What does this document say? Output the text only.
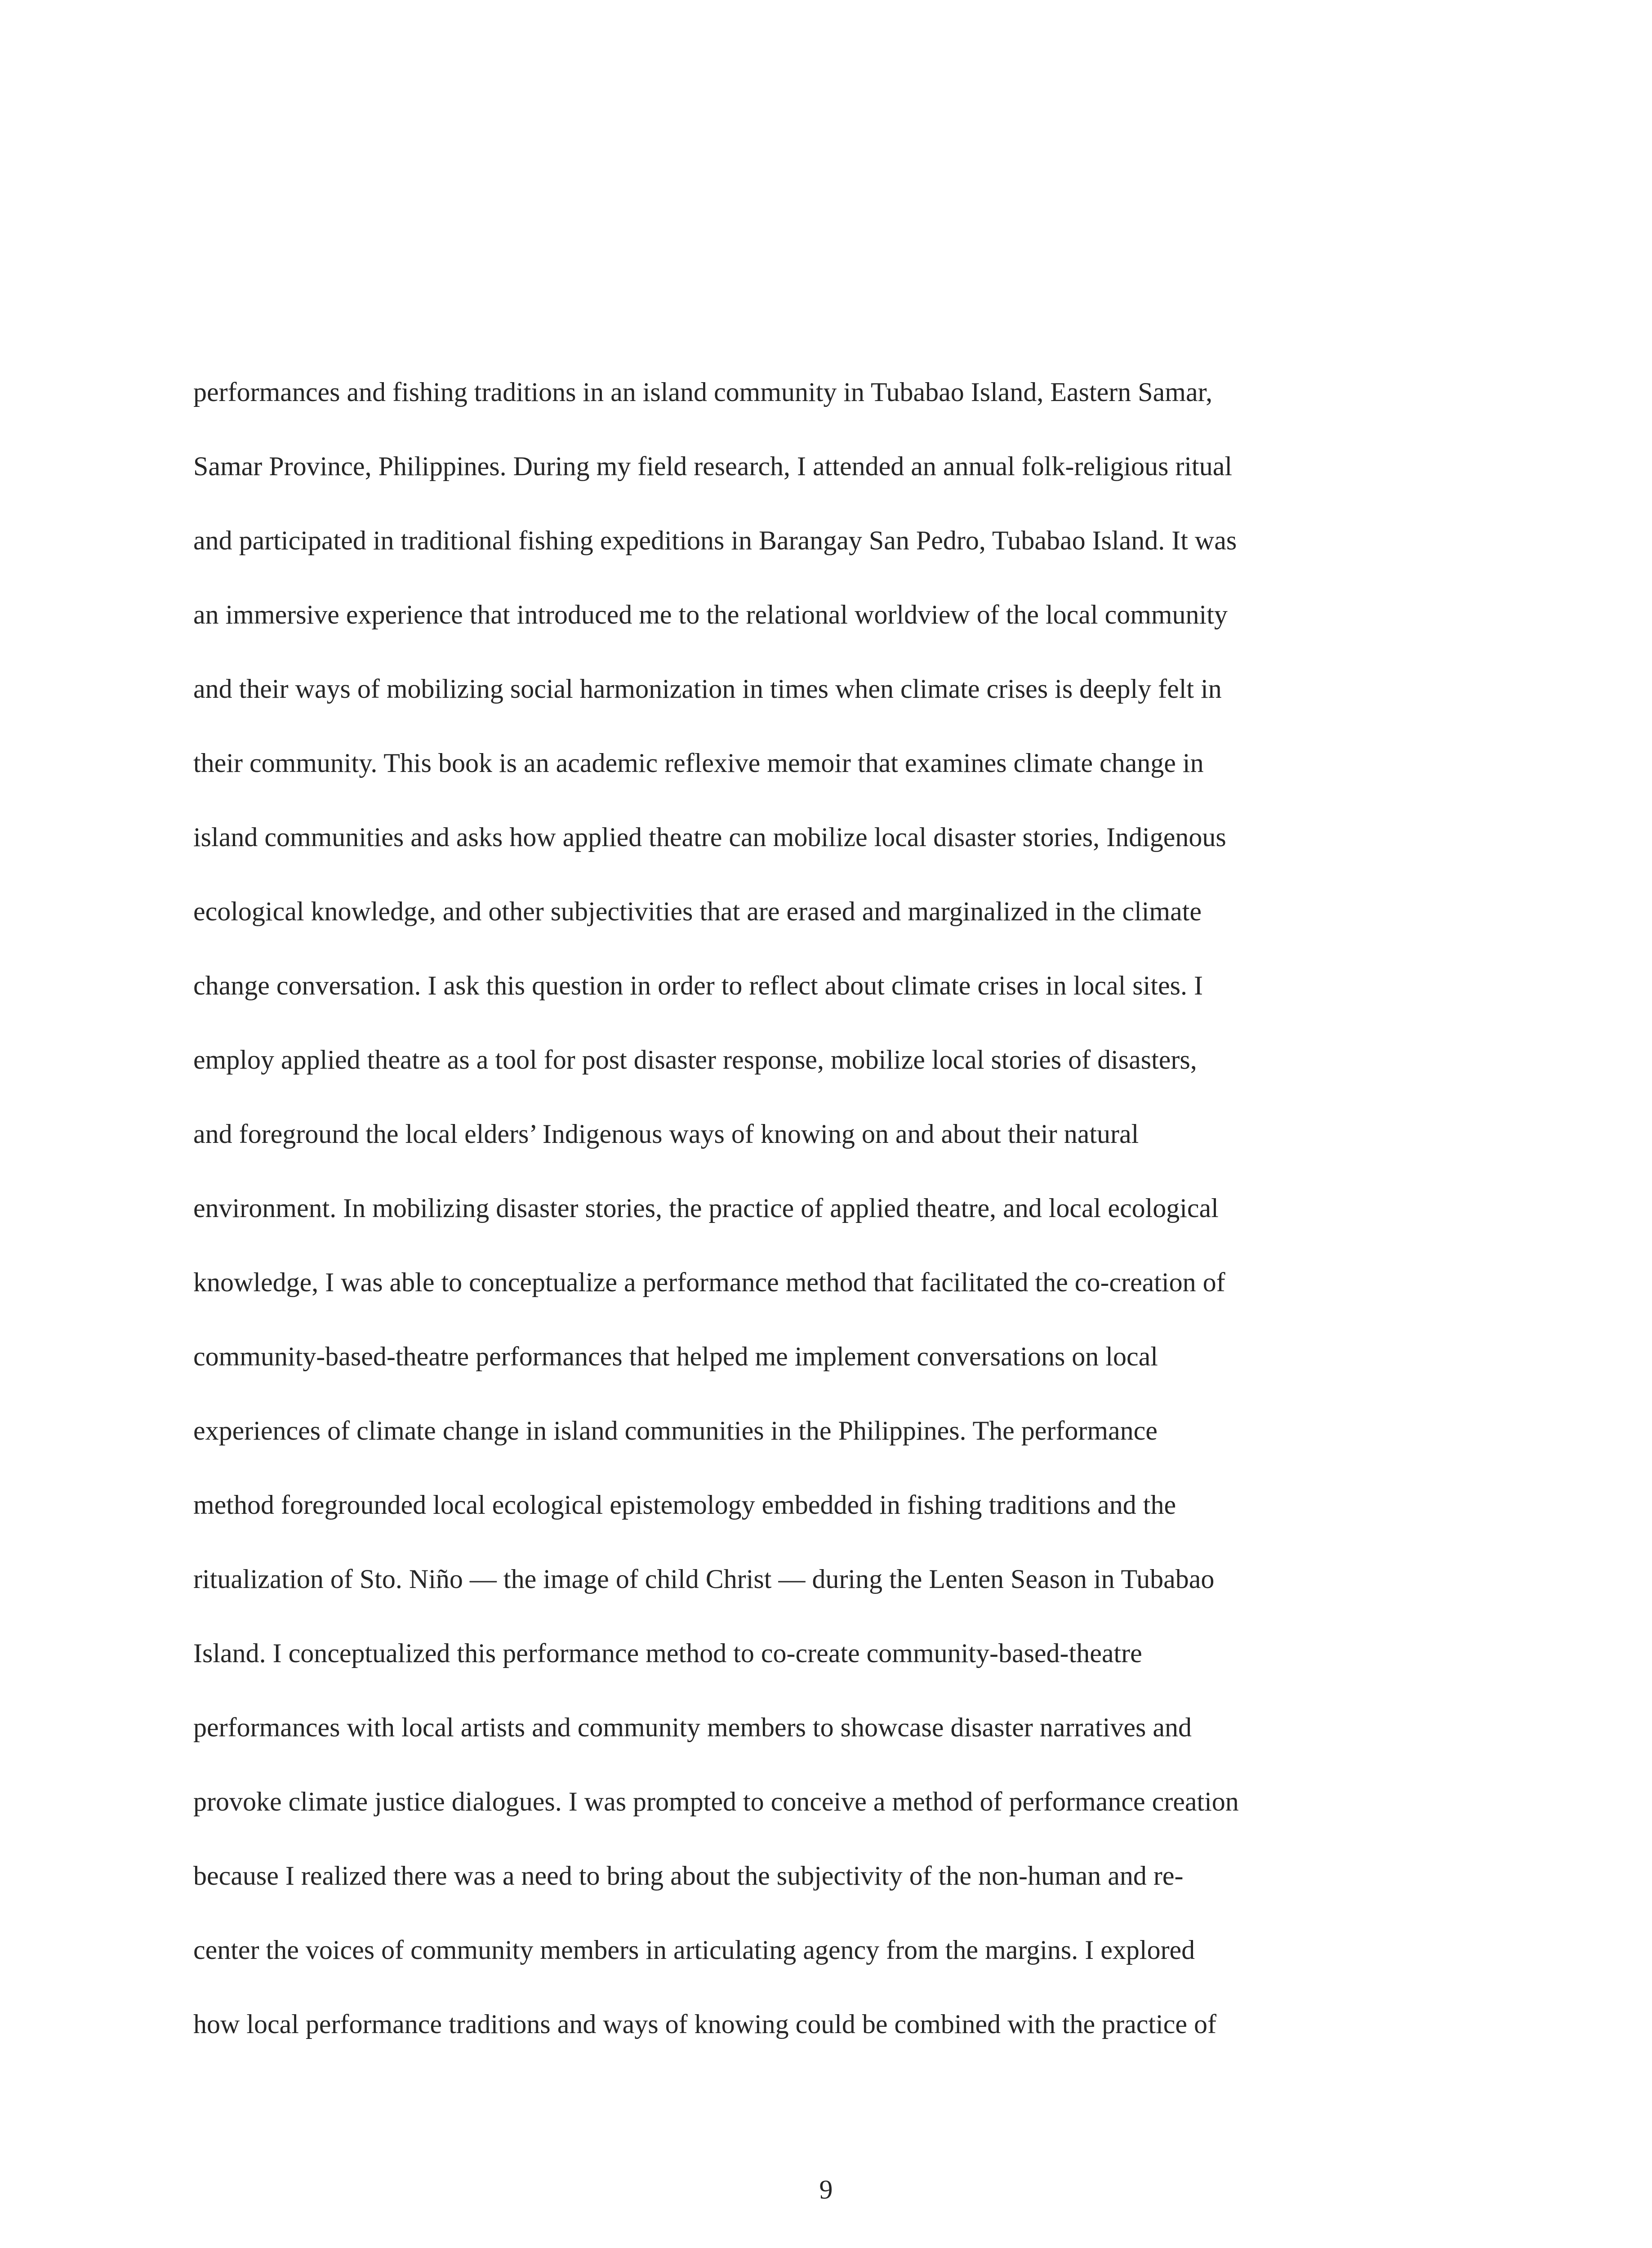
performances and fishing traditions in an island community in Tubabao Island, Eastern Samar,
Samar Province, Philippines. During my field research, I attended an annual folk-religious ritual
and participated in traditional fishing expeditions in Barangay San Pedro, Tubabao Island. It was
an immersive experience that introduced me to the relational worldview of the local community
and their ways of mobilizing social harmonization in times when climate crises is deeply felt in
their community. This book is an academic reflexive memoir that examines climate change in
island communities and asks how applied theatre can mobilize local disaster stories, Indigenous
ecological knowledge, and other subjectivities that are erased and marginalized in the climate
change conversation. I ask this question in order to reflect about climate crises in local sites. I
employ applied theatre as a tool for post disaster response, mobilize local stories of disasters,
and foreground the local elders’ Indigenous ways of knowing on and about their natural
environment. In mobilizing disaster stories, the practice of applied theatre, and local ecological
knowledge, I was able to conceptualize a performance method that facilitated the co-creation of
community-based-theatre performances that helped me implement conversations on local
experiences of climate change in island communities in the Philippines. The performance
method foregrounded local ecological epistemology embedded in fishing traditions and the
ritualization of Sto. Niño — the image of child Christ — during the Lenten Season in Tubabao
Island. I conceptualized this performance method to co-create community-based-theatre
performances with local artists and community members to showcase disaster narratives and
provoke climate justice dialogues. I was prompted to conceive a method of performance creation
because I realized there was a need to bring about the subjectivity of the non-human and re-
center the voices of community members in articulating agency from the margins. I explored
how local performance traditions and ways of knowing could be combined with the practice of
9
